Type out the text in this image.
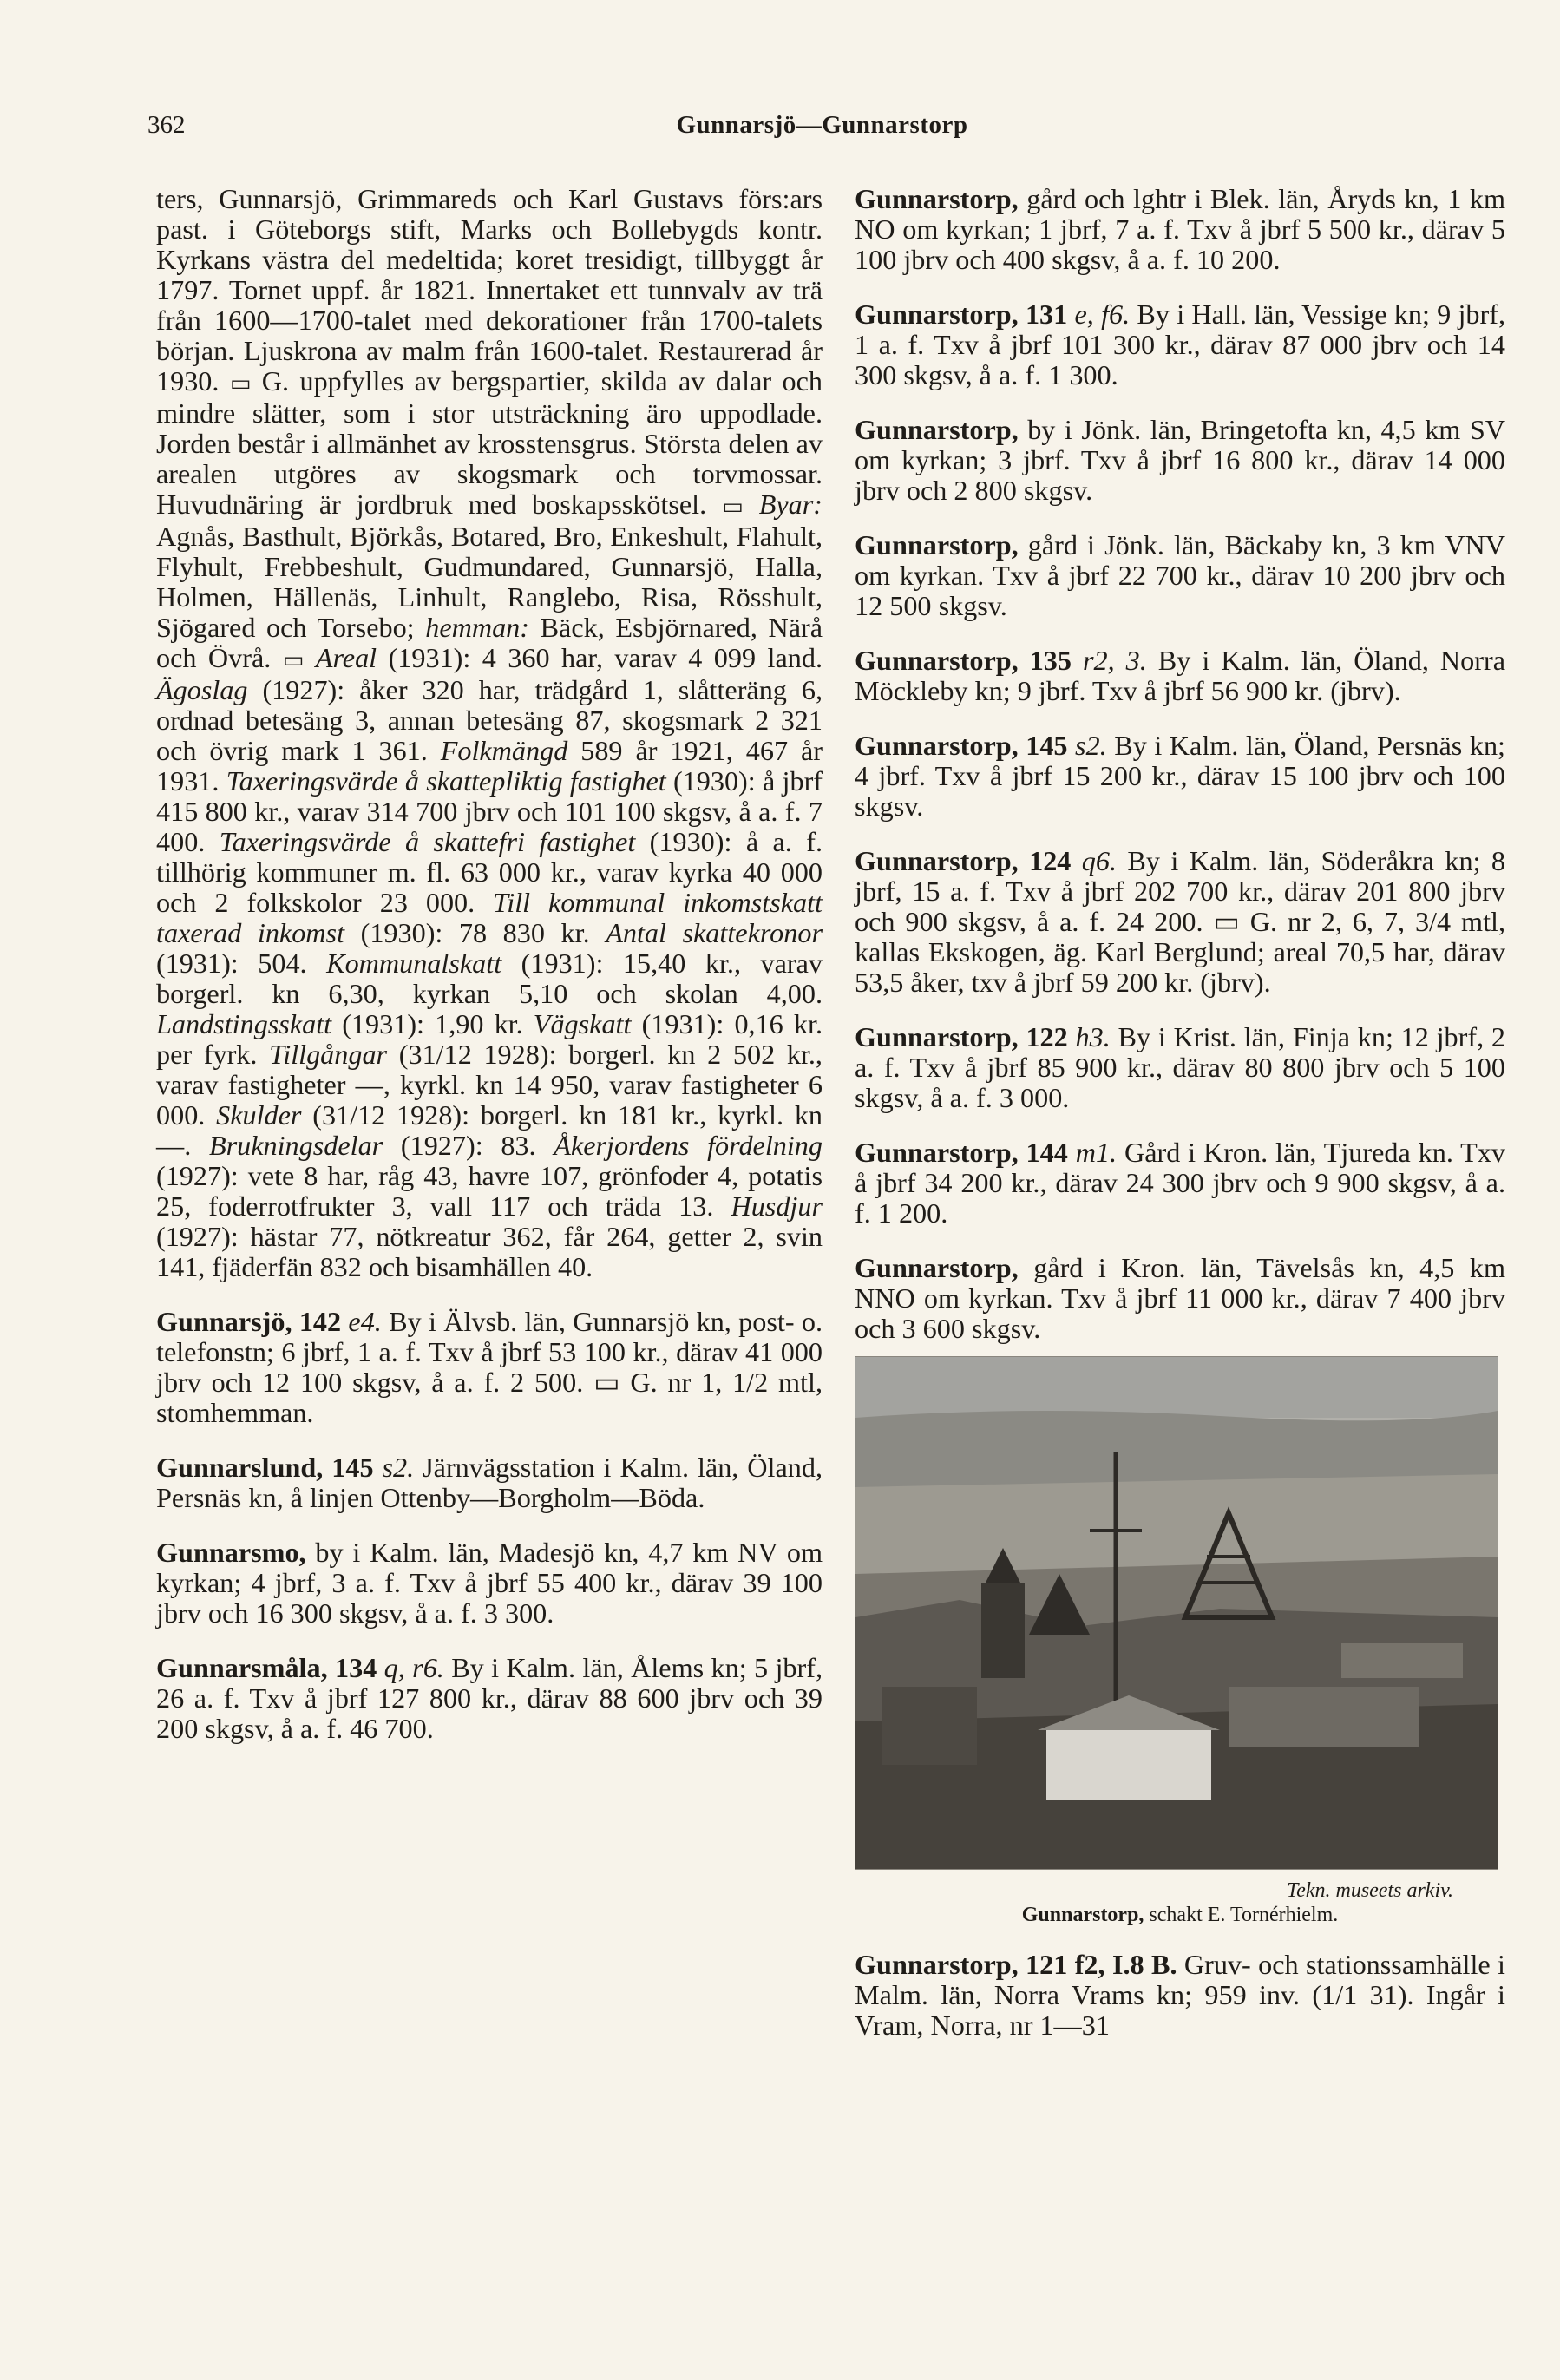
362	Gunnarsjö—Gunnarstorp

ters, Gunnarsjö, Grimmareds och Karl Gustavs förs:ars past. i Göteborgs stift, Marks och Bollebygds kontr. Kyrkans västra del medeltida; koret tresidigt, tillbyggt år 1797. Tornet uppf. år 1821. Innertaket ett tunnvalv av trä från 1600—1700-talet med dekorationer från 1700-talets början. Ljuskrona av malm från 1600-talet. Restaurerad år 1930. ▭ G. uppfylles av bergspartier, skilda av dalar och mindre slätter, som i stor utsträckning äro uppodlade. Jorden består i allmänhet av krosstensgrus. Största delen av arealen utgöres av skogsmark och torvmossar. Huvudnäring är jordbruk med boskapsskötsel. ▭ Byar: Agnås, Basthult, Björkås, Botared, Bro, Enkeshult, Flahult, Flyhult, Frebbeshult, Gudmundared, Gunnarsjö, Halla, Holmen, Hällenäs, Linhult, Ranglebo, Risa, Rösshult, Sjögared och Torsebo; hemman: Bäck, Esbjörnared, Närå och Övrå. ▭ Areal (1931): 4 360 har, varav 4 099 land. Ägoslag (1927): åker 320 har, trädgård 1, slåtteräng 6, ordnad betesäng 3, annan betesäng 87, skogsmark 2 321 och övrig mark 1 361. Folkmängd 589 år 1921, 467 år 1931. Taxeringsvärde å skattepliktig fastighet (1930): å jbrf 415 800 kr., varav 314 700 jbrv och 101 100 skgsv, å a. f. 7 400. Taxeringsvärde å skattefri fastighet (1930): å a. f. tillhörig kommuner m. fl. 63 000 kr., varav kyrka 40 000 och 2 folkskolor 23 000. Till kommunal inkomstskatt taxerad inkomst (1930): 78 830 kr. Antal skattekronor (1931): 504. Kommunalskatt (1931): 15,40 kr., varav borgerl. kn 6,30, kyrkan 5,10 och skolan 4,00. Landstingsskatt (1931): 1,90 kr. Vägskatt (1931): 0,16 kr. per fyrk. Tillgångar (31/12 1928): borgerl. kn 2 502 kr., varav fastigheter —, kyrkl. kn 14 950, varav fastigheter 6 000. Skulder (31/12 1928): borgerl. kn 181 kr., kyrkl. kn —. Brukningsdelar (1927): 83. Åkerjordens fördelning (1927): vete 8 har, råg 43, havre 107, grönfoder 4, potatis 25, foderrotfrukter 3, vall 117 och träda 13. Husdjur (1927): hästar 77, nötkreatur 362, får 264, getter 2, svin 141, fjäderfän 832 och bisamhällen 40.

Gunnarsjö, 142 e4. By i Älvsb. län, Gunnarsjö kn, post- o. telefonstn; 6 jbrf, 1 a. f. Txv å jbrf 53 100 kr., därav 41 000 jbrv och 12 100 skgsv, å a. f. 2 500. ▭ G. nr 1, 1/2 mtl, stomhemman.
Gunnarslund, 145 s2. Järnvägsstation i Kalm. län, Öland, Persnäs kn, å linjen Ottenby—Borgholm—Böda.
Gunnarsmo, by i Kalm. län, Madesjö kn, 4,7 km NV om kyrkan; 4 jbrf, 3 a. f. Txv å jbrf 55 400 kr., därav 39 100 jbrv och 16 300 skgsv, å a. f. 3 300.
Gunnarsmåla, 134 q, r6. By i Kalm. län, Ålems kn; 5 jbrf, 26 a. f. Txv å jbrf 127 800 kr., därav 88 600 jbrv och 39 200 skgsv, å a. f. 46 700.
Gunnarstorp, gård och lghtr i Blek. län, Åryds kn, 1 km NO om kyrkan; 1 jbrf, 7 a. f. Txv å jbrf 5 500 kr., därav 5 100 jbrv och 400 skgsv, å a. f. 10 200.
Gunnarstorp, 131 e, f6. By i Hall. län, Vessige kn; 9 jbrf, 1 a. f. Txv å jbrf 101 300 kr., därav 87 000 jbrv och 14 300 skgsv, å a. f. 1 300.
Gunnarstorp, by i Jönk. län, Bringetofta kn, 4,5 km SV om kyrkan; 3 jbrf. Txv å jbrf 16 800 kr., därav 14 000 jbrv och 2 800 skgsv.
Gunnarstorp, gård i Jönk. län, Bäckaby kn, 3 km VNV om kyrkan. Txv å jbrf 22 700 kr., därav 10 200 jbrv och 12 500 skgsv.
Gunnarstorp, 135 r2, 3. By i Kalm. län, Öland, Norra Möckleby kn; 9 jbrf. Txv å jbrf 56 900 kr. (jbrv).
Gunnarstorp, 145 s2. By i Kalm. län, Öland, Persnäs kn; 4 jbrf. Txv å jbrf 15 200 kr., därav 15 100 jbrv och 100 skgsv.
Gunnarstorp, 124 q6. By i Kalm. län, Söderåkra kn; 8 jbrf, 15 a. f. Txv å jbrf 202 700 kr., därav 201 800 jbrv och 900 skgsv, å a. f. 24 200. ▭ G. nr 2, 6, 7, 3/4 mtl, kallas Ekskogen, äg. Karl Berglund; areal 70,5 har, därav 53,5 åker, txv å jbrf 59 200 kr. (jbrv).
Gunnarstorp, 122 h3. By i Krist. län, Finja kn; 12 jbrf, 2 a. f. Txv å jbrf 85 900 kr., därav 80 800 jbrv och 5 100 skgsv, å a. f. 3 000.
Gunnarstorp, 144 m1. Gård i Kron. län, Tjureda kn. Txv å jbrf 34 200 kr., därav 24 300 jbrv och 9 900 skgsv, å a. f. 1 200.
Gunnarstorp, gård i Kron. län, Tävelsås kn, 4,5 km NNO om kyrkan. Txv å jbrf 11 000 kr., därav 7 400 jbrv och 3 600 skgsv.
Tekn. museets arkiv.
Gunnarstorp, schakt E. Tornérhielm.
Gunnarstorp, 121 f2, I.8 B. Gruv- och stationssamhälle i Malm. län, Norra Vrams kn; 959 inv. (1/1 31). Ingår i Vram, Norra, nr 1—31
